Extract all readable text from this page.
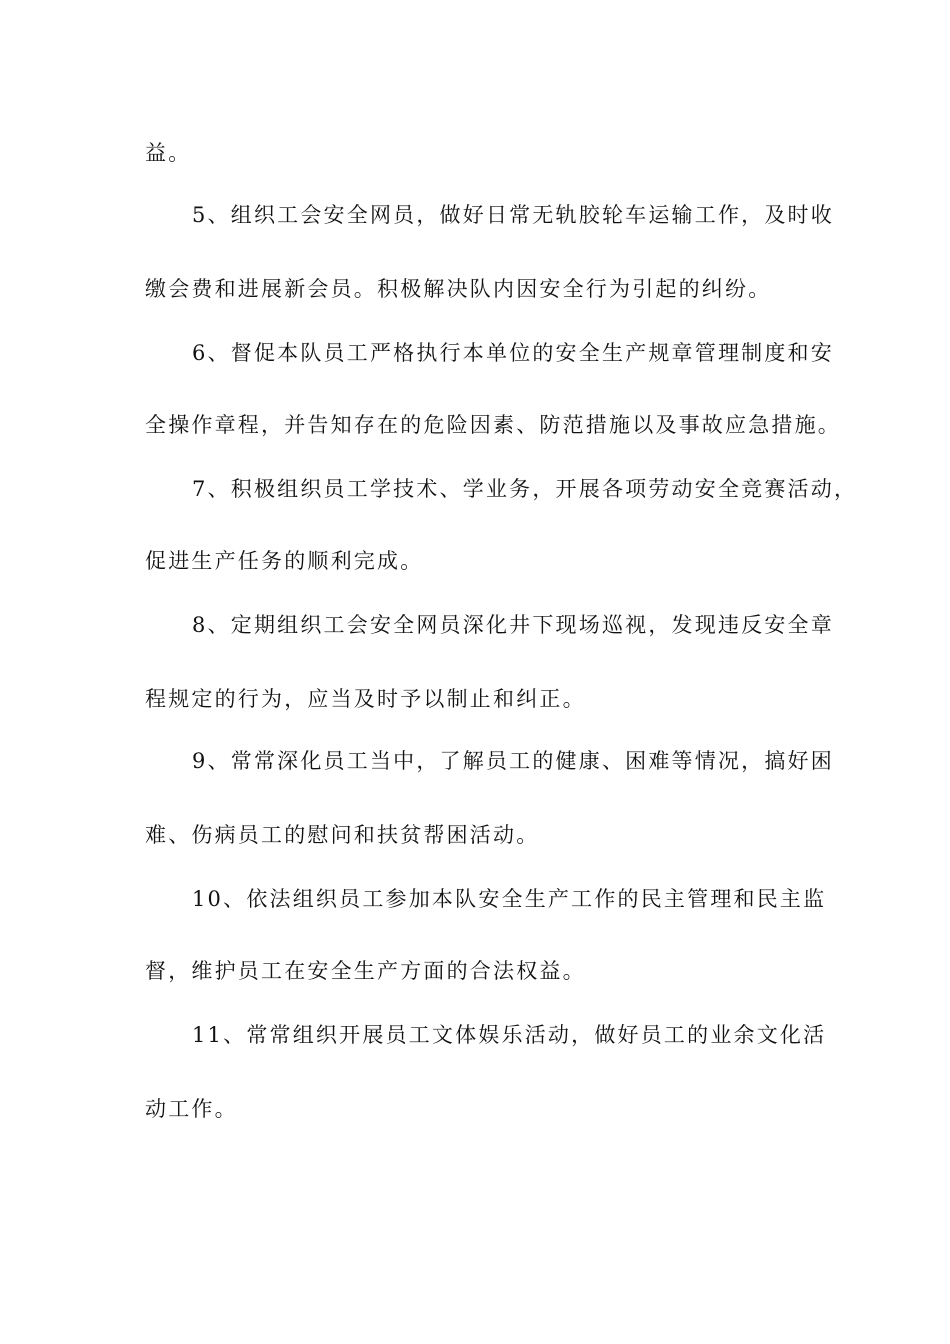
益。
5、组织工会安全网员，做好日常无轨胶轮车运输工作，及时收
缴会费和进展新会员。积极解决队内因安全行为引起的纠纷。
6、督促本队员工严格执行本单位的安全生产规章管理制度和安
全操作章程，并告知存在的危险因素、防范措施以及事故应急措施。
7、积极组织员工学技术、学业务，开展各项劳动安全竞赛活动，
促进生产任务的顺利完成。
8、定期组织工会安全网员深化井下现场巡视，发现违反安全章
程规定的行为，应当及时予以制止和纠正。
9、常常深化员工当中，了解员工的健康、困难等情况，搞好困
难、伤病员工的慰问和扶贫帮困活动。
10、依法组织员工参加本队安全生产工作的民主管理和民主监
督，维护员工在安全生产方面的合法权益。
11、常常组织开展员工文体娱乐活动，做好员工的业余文化活
动工作。
